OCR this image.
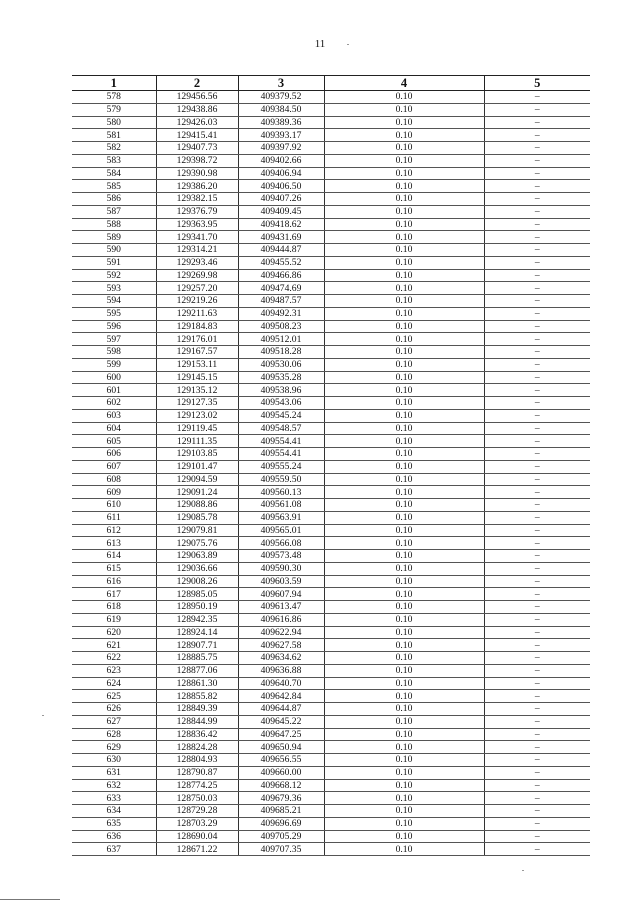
11
1	2	3	4	5
578	129456.56	409379.52	0.10	–
579	129438.86	409384.50	0.10	–
580	129426.03	409389.36	0.10	–
581	129415.41	409393.17	0.10	–
582	129407.73	409397.92	0.10	–
583	129398.72	409402.66	0.10	–
584	129390.98	409406.94	0.10	–
585	129386.20	409406.50	0.10	–
586	129382.15	409407.26	0.10	–
587	129376.79	409409.45	0.10	–
588	129363.95	409418.62	0.10	–
589	129341.70	409431.69	0.10	–
590	129314.21	409444.87	0.10	–
591	129293.46	409455.52	0.10	–
592	129269.98	409466.86	0.10	–
593	129257.20	409474.69	0.10	–
594	129219.26	409487.57	0.10	–
595	129211.63	409492.31	0.10	–
596	129184.83	409508.23	0.10	–
597	129176.01	409512.01	0.10	–
598	129167.57	409518.28	0.10	–
599	129153.11	409530.06	0.10	–
600	129145.15	409535.28	0.10	–
601	129135.12	409538.96	0.10	–
602	129127.35	409543.06	0.10	–
603	129123.02	409545.24	0.10	–
604	129119.45	409548.57	0.10	–
605	129111.35	409554.41	0.10	–
606	129103.85	409554.41	0.10	–
607	129101.47	409555.24	0.10	–
608	129094.59	409559.50	0.10	–
609	129091.24	409560.13	0.10	–
610	129088.86	409561.08	0.10	–
611	129085.78	409563.91	0.10	–
612	129079.81	409565.01	0.10	–
613	129075.76	409566.08	0.10	–
614	129063.89	409573.48	0.10	–
615	129036.66	409590.30	0.10	–
616	129008.26	409603.59	0.10	–
617	128985.05	409607.94	0.10	–
618	128950.19	409613.47	0.10	–
619	128942.35	409616.86	0.10	–
620	128924.14	409622.94	0.10	–
621	128907.71	409627.58	0.10	–
622	128885.75	409634.62	0.10	–
623	128877.06	409636.88	0.10	–
624	128861.30	409640.70	0.10	–
625	128855.82	409642.84	0.10	–
626	128849.39	409644.87	0.10	–
627	128844.99	409645.22	0.10	–
628	128836.42	409647.25	0.10	–
629	128824.28	409650.94	0.10	–
630	128804.93	409656.55	0.10	–
631	128790.87	409660.00	0.10	–
632	128774.25	409668.12	0.10	–
633	128750.03	409679.36	0.10	–
634	128729.28	409685.21	0.10	–
635	128703.29	409696.69	0.10	–
636	128690.04	409705.29	0.10	–
637	128671.22	409707.35	0.10	–
